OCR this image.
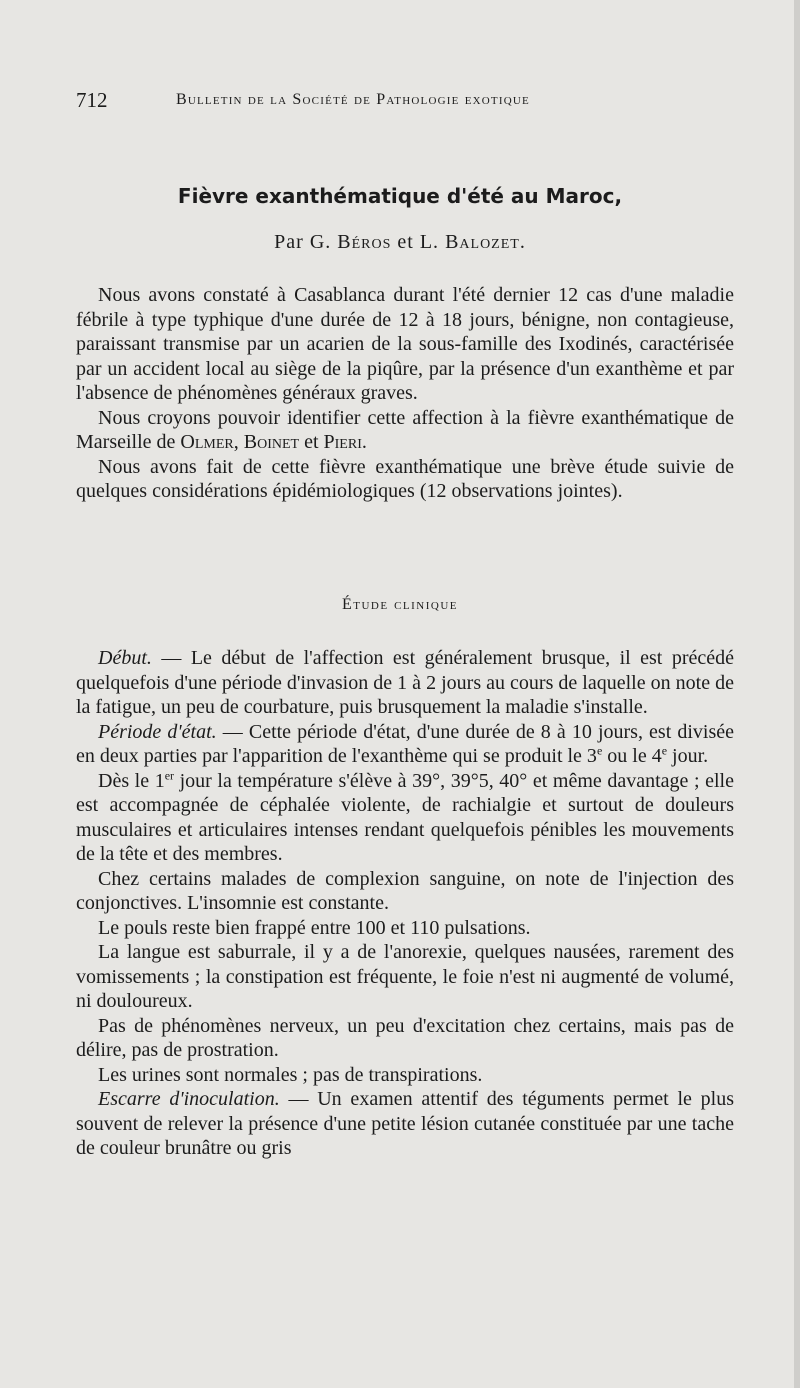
712	Bulletin de la Société de Pathologie exotique
Fièvre exanthématique d'été au Maroc,
Par G. Béros et L. Balozet.

Nous avons constaté à Casablanca durant l'été dernier 12 cas d'une maladie fébrile à type typhique d'une durée de 12 à 18 jours, bénigne, non contagieuse, paraissant transmise par un acarien de la sous-famille des Ixodinés, caractérisée par un accident local au siège de la piqûre, par la présence d'un exanthème et par l'absence de phénomènes généraux graves.

Nous croyons pouvoir identifier cette affection à la fièvre exanthématique de Marseille de Olmer, Boinet et Pieri.

Nous avons fait de cette fièvre exanthématique une brève étude suivie de quelques considérations épidémiologiques (12 observations jointes).

Étude clinique

Début. — Le début de l'affection est généralement brusque, il est précédé quelquefois d'une période d'invasion de 1 à 2 jours au cours de laquelle on note de la fatigue, un peu de courbature, puis brusquement la maladie s'installe.

Période d'état. — Cette période d'état, d'une durée de 8 à 10 jours, est divisée en deux parties par l'apparition de l'exanthème qui se produit le 3e ou le 4e jour.

Dès le 1er jour la température s'élève à 39°, 39°5, 40° et même davantage ; elle est accompagnée de céphalée violente, de rachialgie et surtout de douleurs musculaires et articulaires intenses rendant quelquefois pénibles les mouvements de la tête et des membres.

Chez certains malades de complexion sanguine, on note de l'injection des conjonctives. L'insomnie est constante.

Le pouls reste bien frappé entre 100 et 110 pulsations.

La langue est saburrale, il y a de l'anorexie, quelques nausées, rarement des vomissements ; la constipation est fréquente, le foie n'est ni augmenté de volumé, ni douloureux.

Pas de phénomènes nerveux, un peu d'excitation chez certains, mais pas de délire, pas de prostration.

Les urines sont normales ; pas de transpirations.

Escarre d'inoculation. — Un examen attentif des téguments permet le plus souvent de relever la présence d'une petite lésion cutanée constituée par une tache de couleur brunâtre ou gris
